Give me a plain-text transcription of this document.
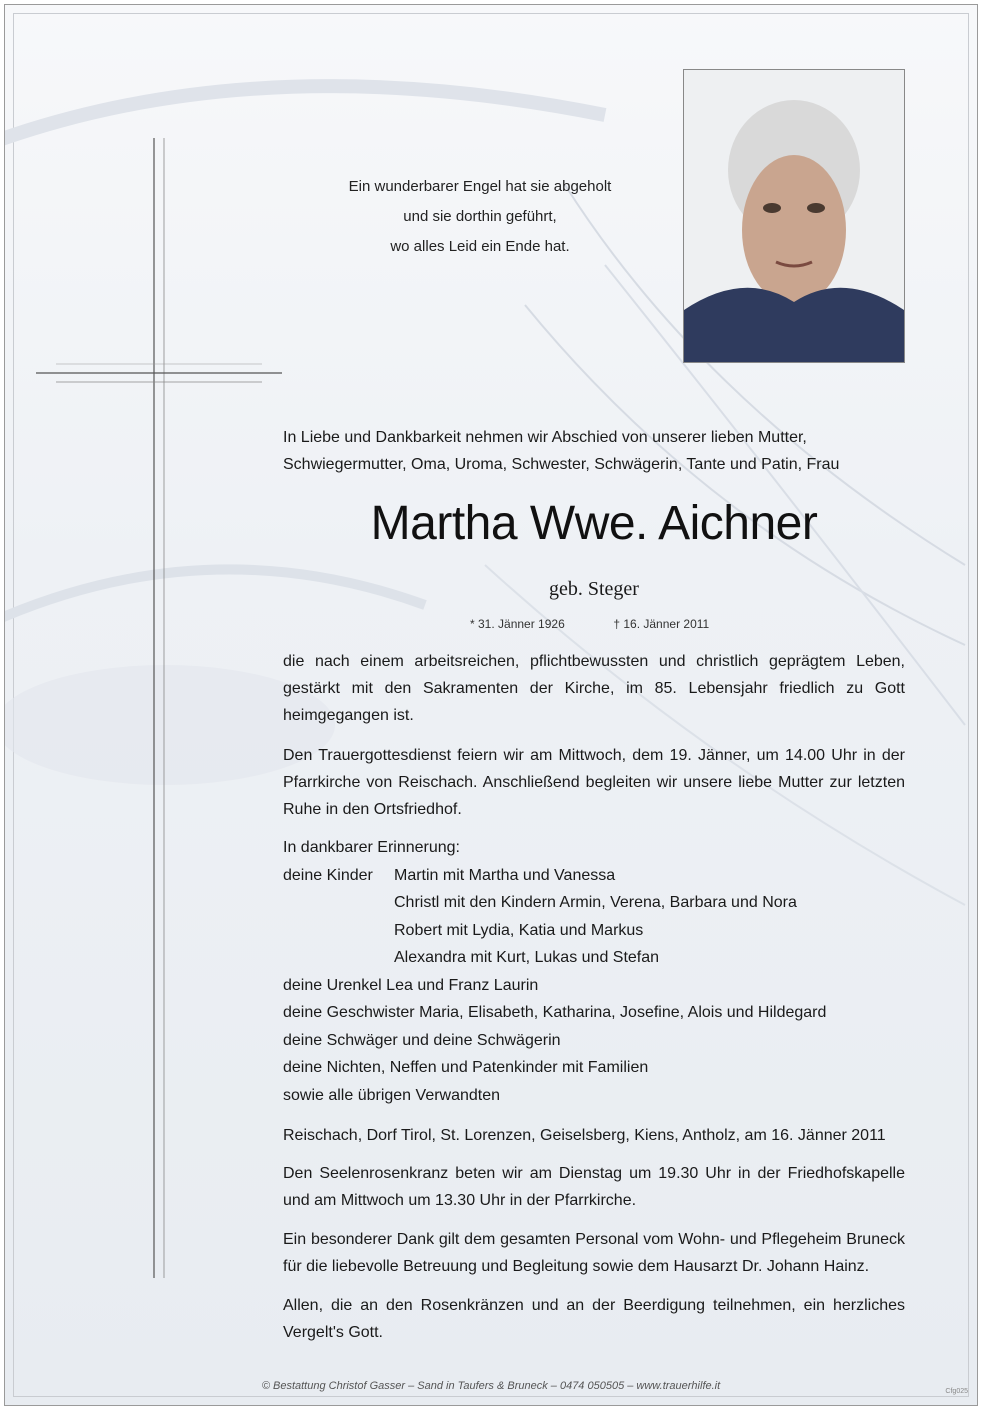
Ein wunderbarer Engel hat sie abgeholt
und sie dorthin geführt,
wo alles Leid ein Ende hat.
In Liebe und Dankbarkeit nehmen wir Abschied von unserer lieben Mutter, Schwiegermutter, Oma, Uroma, Schwester, Schwägerin, Tante und Patin, Frau
Martha Wwe. Aichner
geb. Steger
* 31. Jänner 1926	† 16. Jänner 2011
die nach einem arbeitsreichen, pflichtbewussten und christlich geprägtem Leben, gestärkt mit den Sakramenten der Kirche, im 85. Lebensjahr friedlich zu Gott heimgegangen ist.
Den Trauergottesdienst feiern wir am Mittwoch, dem 19. Jänner, um 14.00 Uhr in der Pfarrkirche von Reischach. Anschließend begleiten wir unsere liebe Mutter zur letzten Ruhe in den Ortsfriedhof.
In dankbarer Erinnerung:
deine Kinder Martin mit Martha und Vanessa
Christl mit den Kindern Armin, Verena, Barbara und Nora
Robert mit Lydia, Katia und Markus
Alexandra mit Kurt, Lukas und Stefan
deine Urenkel Lea und Franz Laurin
deine Geschwister Maria, Elisabeth, Katharina, Josefine, Alois und Hildegard
deine Schwäger und deine Schwägerin
deine Nichten, Neffen und Patenkinder mit Familien
sowie alle übrigen Verwandten
Reischach, Dorf Tirol, St. Lorenzen, Geiselsberg, Kiens, Antholz, am 16. Jänner 2011
Den Seelenrosenkranz beten wir am Dienstag um 19.30 Uhr in der Friedhofskapelle und am Mittwoch um 13.30 Uhr in der Pfarrkirche.
Ein besonderer Dank gilt dem gesamten Personal vom Wohn- und Pflegeheim Bruneck für die liebevolle Betreuung und Begleitung sowie dem Hausarzt Dr. Johann Hainz.
Allen, die an den Rosenkränzen und an der Beerdigung teilnehmen, ein herzliches Vergelt's Gott.
© Bestattung Christof Gasser – Sand in Taufers & Bruneck – 0474 050505 – www.trauerhilfe.it	Cfg025
